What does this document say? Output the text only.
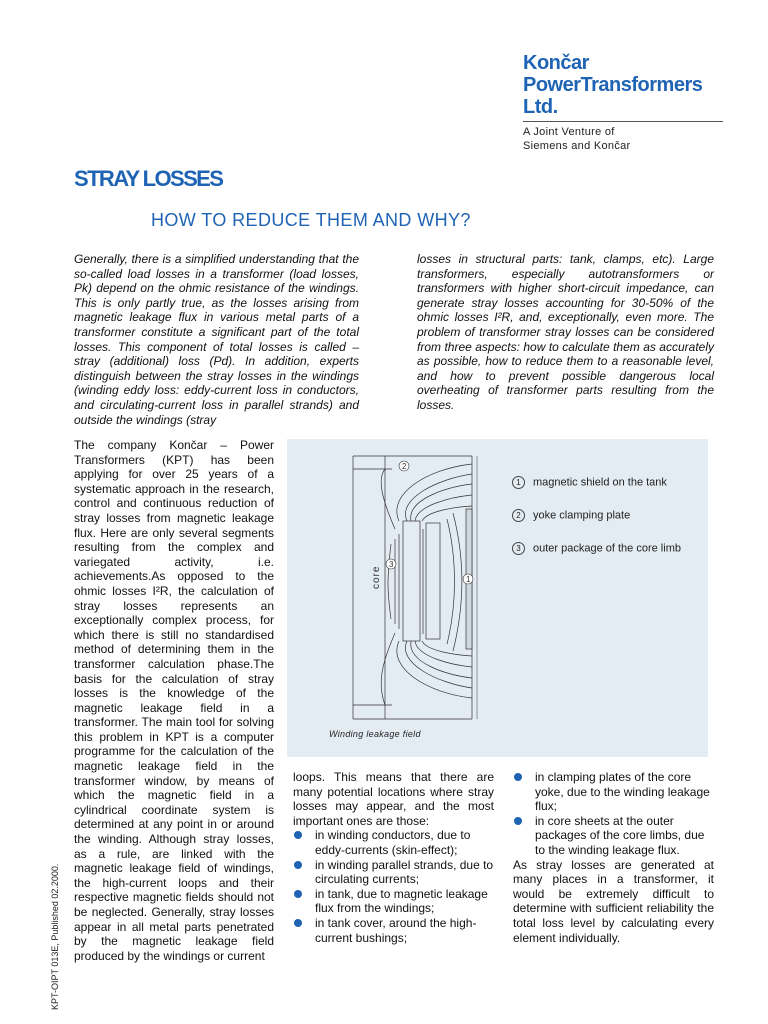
Končar
PowerTransformers
Ltd.
A Joint Venture of
Siemens and Končar
STRAY LOSSES
HOW TO REDUCE THEM AND WHY?
Generally, there is a simplified understanding that the so-called load losses in a transformer (load losses, Pk) depend on the ohmic resistance of the windings. This is only partly true, as the losses arising from magnetic leakage flux in various metal parts of a transformer constitute a significant part of the total losses. This component of total losses is called – stray (additional) loss (Pd). In addition, experts distinguish between the stray losses in the windings (winding eddy loss: eddy-current loss in conductors, and circulating-current loss in parallel strands) and outside the windings (stray
losses in structural parts: tank, clamps, etc). Large transformers, especially autotransformers or transformers with higher short-circuit impedance, can generate stray losses accounting for 30-50% of the ohmic losses I²R, and, exceptionally, even more. The problem of transformer stray losses can be considered from three aspects: how to calculate them as accurately as possible, how to reduce them to a reasonable level, and how to prevent possible dangerous local overheating of transformer parts resulting from the losses.
The company Končar – Power Transformers (KPT) has been applying for over 25 years of a systematic approach in the research, control and continuous reduction of stray losses from magnetic leakage flux. Here are only several segments resulting from the complex and variegated activity, i.e. achievements.As opposed to the ohmic losses I²R, the calculation of stray losses represents an exceptionally complex process, for which there is still no standardised method of determining them in the transformer calculation phase.The basis for the calculation of stray losses is the knowledge of the magnetic leakage field in a transformer. The main tool for solving this problem in KPT is a computer programme for the calculation of the magnetic leakage field in the transformer window, by means of which the magnetic field in a cylindrical coordinate system is determined at any point in or around the winding. Although stray losses, as a rule, are linked with the magnetic leakage field of windings, the high-current loops and their respective magnetic fields should not be neglected. Generally, stray losses appear in all metal parts penetrated by the magnetic leakage field produced by the windings or current
core
2
3
1
1 magnetic shield on the tank
2 yoke clamping plate
3 outer package of the core limb
Winding leakage field
loops. This means that there are many potential locations where stray losses may appear, and the most important ones are those:
in winding conductors, due to eddy-currents (skin-effect);
in winding parallel strands, due to circulating currents;
in tank, due to magnetic leakage flux from the windings;
in tank cover, around the high-current bushings;
in clamping plates of the core yoke, due to the winding leakage flux;
in core sheets at the outer packages of the core limbs, due to the winding leakage flux.
As stray losses are generated at many places in a transformer, it would be extremely difficult to determine with sufficient reliability the total loss level by calculating every element individually.
KPT-OIPT 013E, Published 02.2000.
